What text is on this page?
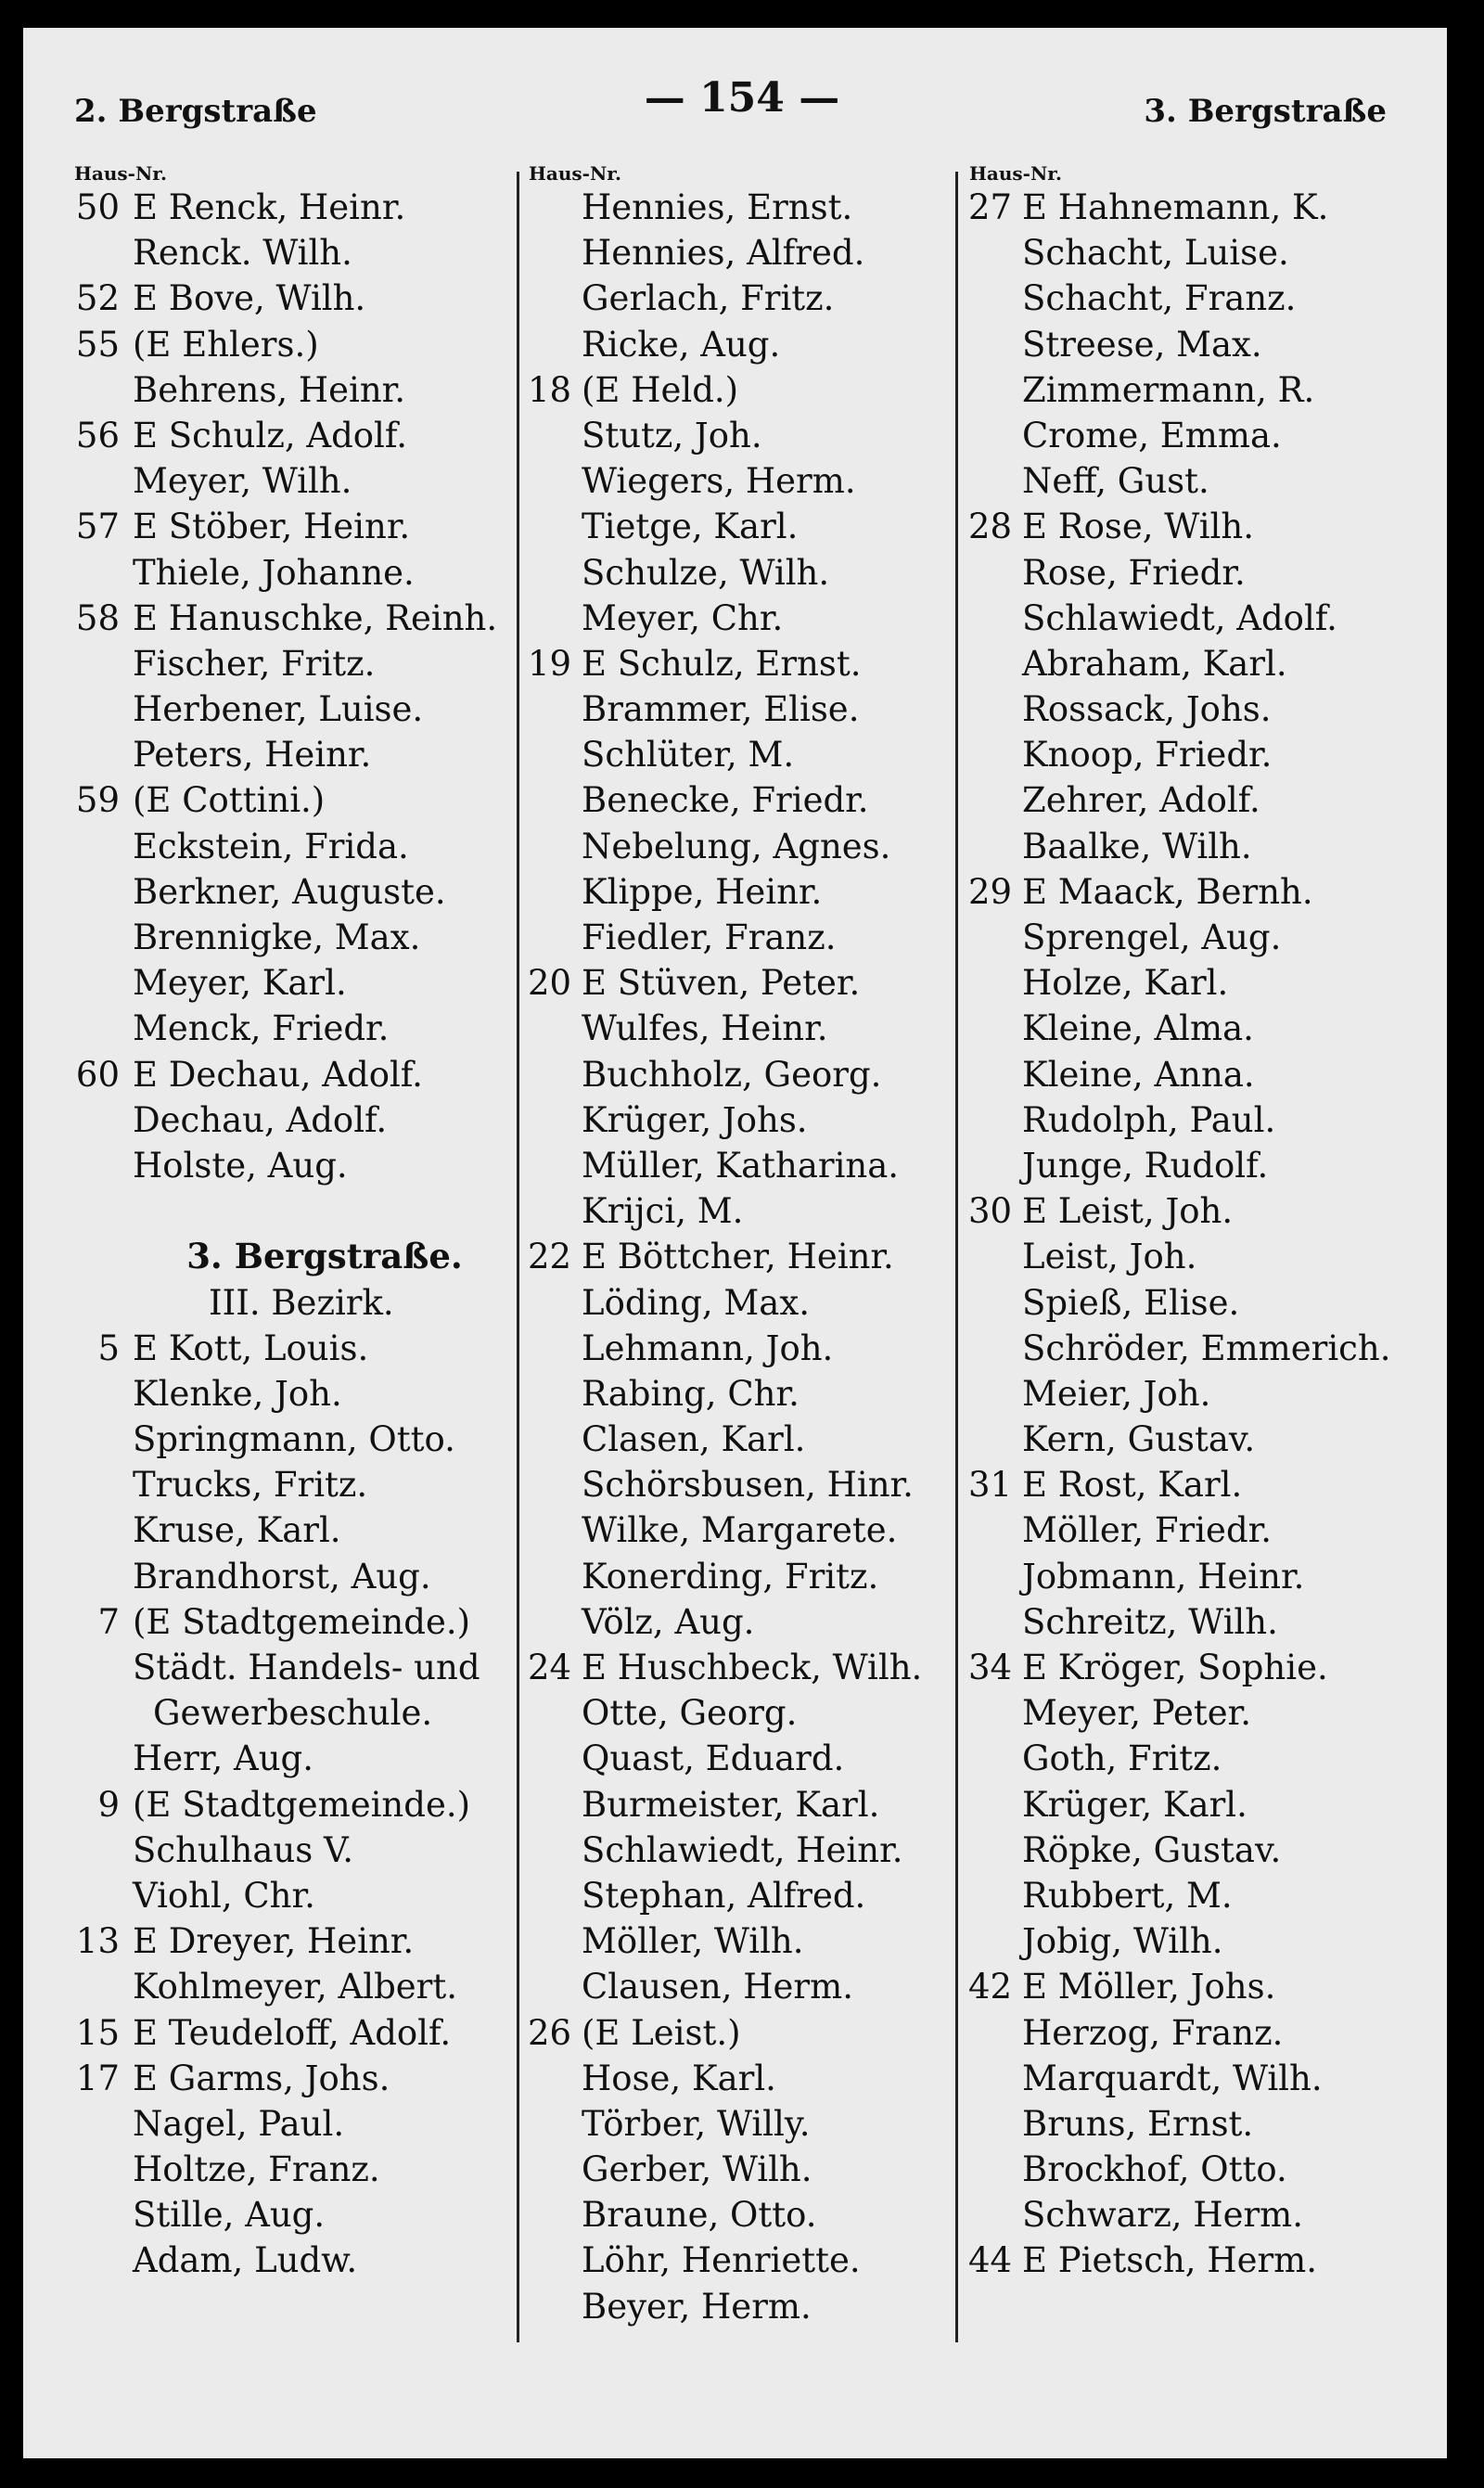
2. Bergstraße	— 154 —	3. Bergstraße
Haus-Nr.
50 E Renck, Heinr.
Renck. Wilh.
52 E Bove, Wilh.
55 (E Ehlers.)
Behrens, Heinr.
56 E Schulz, Adolf.
Meyer, Wilh.
57 E Stöber, Heinr.
Thiele, Johanne.
58 E Hanuschke, Reinh.
Fischer, Fritz.
Herbener, Luise.
Peters, Heinr.
59 (E Cottini.)
Eckstein, Frida.
Berkner, Auguste.
Brennigke, Max.
Meyer, Karl.
Menck, Friedr.
60 E Dechau, Adolf.
Dechau, Adolf.
Holste, Aug.
3. Bergstraße.
III. Bezirk.
5 E Kott, Louis.
Klenke, Joh.
Springmann, Otto.
Trucks, Fritz.
Kruse, Karl.
Brandhorst, Aug.
7 (E Stadtgemeinde.)
Städt. Handels- und
Gewerbeschule.
Herr, Aug.
9 (E Stadtgemeinde.)
Schulhaus V.
Viohl, Chr.
13 E Dreyer, Heinr.
Kohlmeyer, Albert.
15 E Teudeloff, Adolf.
17 E Garms, Johs.
Nagel, Paul.
Holtze, Franz.
Stille, Aug.
Adam, Ludw.
Haus-Nr.
Hennies, Ernst.
Hennies, Alfred.
Gerlach, Fritz.
Ricke, Aug.
18 (E Held.)
Stutz, Joh.
Wiegers, Herm.
Tietge, Karl.
Schulze, Wilh.
Meyer, Chr.
19 E Schulz, Ernst.
Brammer, Elise.
Schlüter, M.
Benecke, Friedr.
Nebelung, Agnes.
Klippe, Heinr.
Fiedler, Franz.
20 E Stüven, Peter.
Wulfes, Heinr.
Buchholz, Georg.
Krüger, Johs.
Müller, Katharina.
Krijci, M.
22 E Böttcher, Heinr.
Löding, Max.
Lehmann, Joh.
Rabing, Chr.
Clasen, Karl.
Schörsbusen, Hinr.
Wilke, Margarete.
Konerding, Fritz.
Völz, Aug.
24 E Huschbeck, Wilh.
Otte, Georg.
Quast, Eduard.
Burmeister, Karl.
Schlawiedt, Heinr.
Stephan, Alfred.
Möller, Wilh.
Clausen, Herm.
26 (E Leist.)
Hose, Karl.
Törber, Willy.
Gerber, Wilh.
Braune, Otto.
Löhr, Henriette.
Beyer, Herm.
Haus-Nr.
27 E Hahnemann, K.
Schacht, Luise.
Schacht, Franz.
Streese, Max.
Zimmermann, R.
Crome, Emma.
Neff, Gust.
28 E Rose, Wilh.
Rose, Friedr.
Schlawiedt, Adolf.
Abraham, Karl.
Rossack, Johs.
Knoop, Friedr.
Zehrer, Adolf.
Baalke, Wilh.
29 E Maack, Bernh.
Sprengel, Aug.
Holze, Karl.
Kleine, Alma.
Kleine, Anna.
Rudolph, Paul.
Junge, Rudolf.
30 E Leist, Joh.
Leist, Joh.
Spieß, Elise.
Schröder, Emmerich.
Meier, Joh.
Kern, Gustav.
31 E Rost, Karl.
Möller, Friedr.
Jobmann, Heinr.
Schreitz, Wilh.
34 E Kröger, Sophie.
Meyer, Peter.
Goth, Fritz.
Krüger, Karl.
Röpke, Gustav.
Rubbert, M.
Jobig, Wilh.
42 E Möller, Johs.
Herzog, Franz.
Marquardt, Wilh.
Bruns, Ernst.
Brockhof, Otto.
Schwarz, Herm.
44 E Pietsch, Herm.
